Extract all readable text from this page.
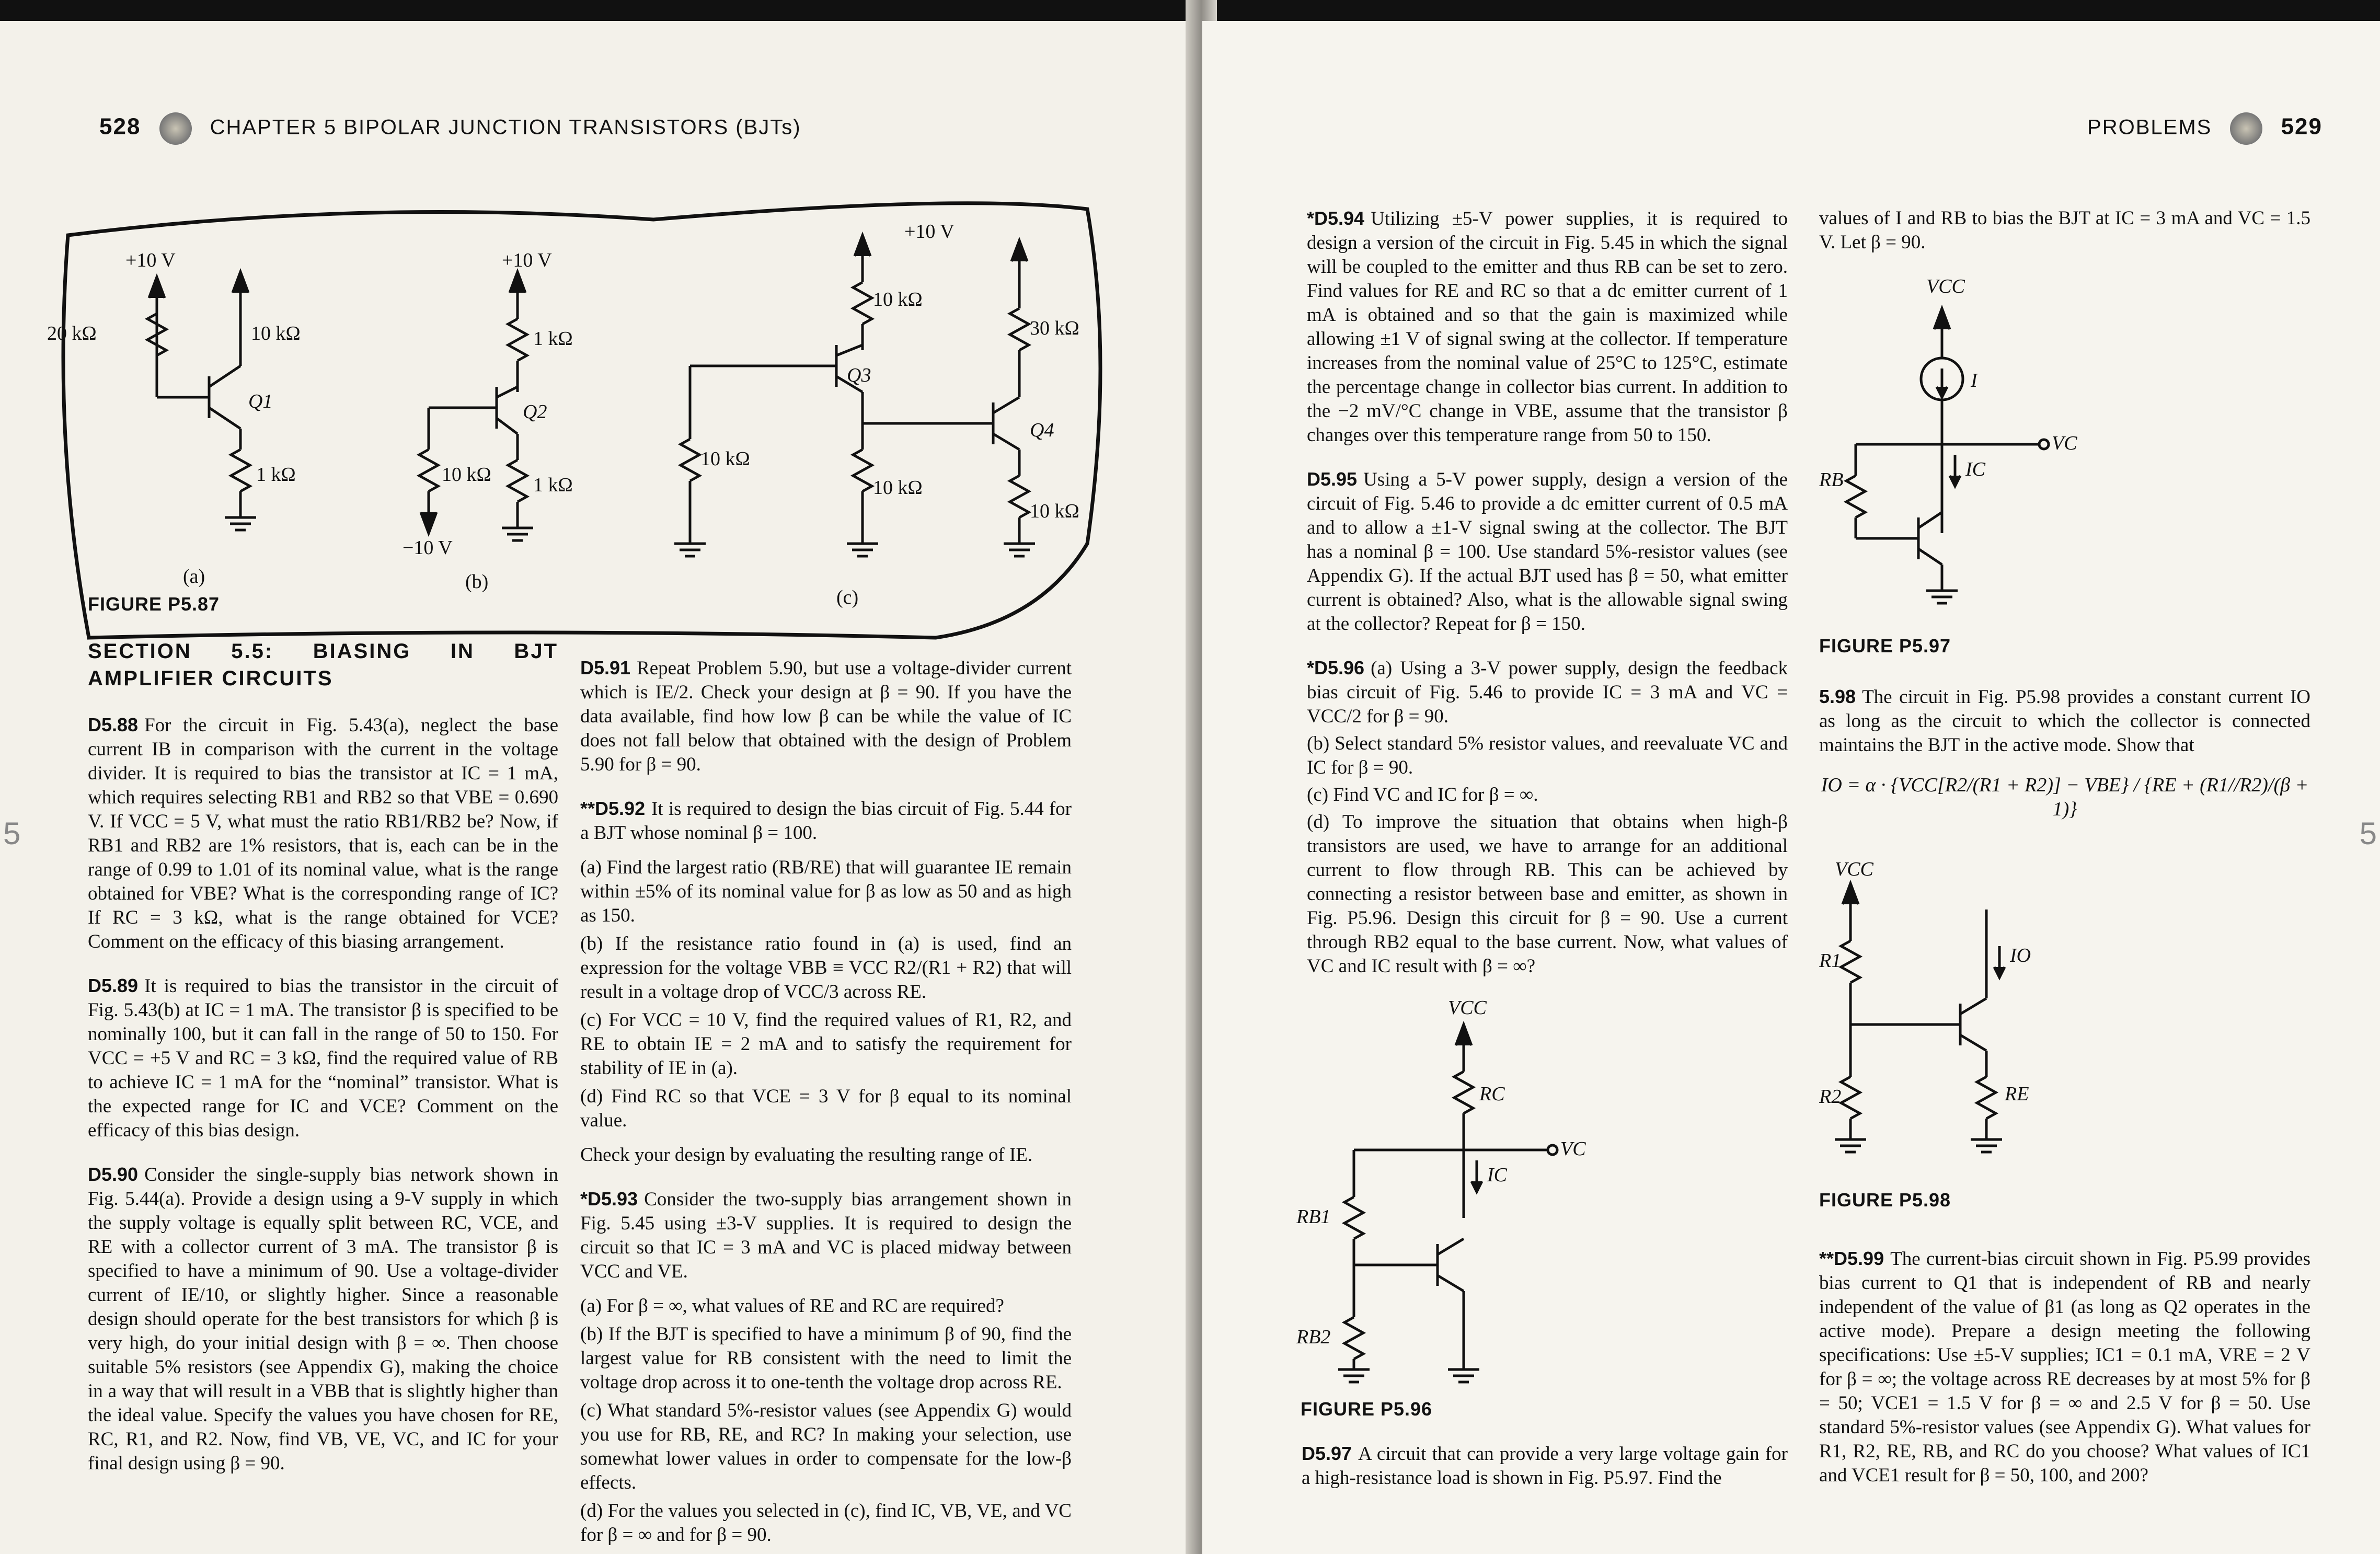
528	CHAPTER 5 BIPOLAR JUNCTION TRANSISTORS (BJTs)
+10 V
20 kΩ	10 kΩ
Q1
1 kΩ
(a)
+10 V
1 kΩ
Q2
10 kΩ 1 kΩ
−10 V
(b)
+10 V
10 kΩ
30 kΩ
Q3
Q4
10 kΩ
10 kΩ
10 kΩ
(c)
FIGURE P5.87
SECTION 5.5: BIASING IN BJT AMPLIFIER CIRCUITS

D5.88 For the circuit in Fig. 5.43(a), neglect the base current IB in comparison with the current in the voltage divider. It is required to bias the transistor at IC = 1 mA, which requires selecting RB1 and RB2 so that VBE = 0.690 V. If VCC = 5 V, what must the ratio RB1/RB2 be? Now, if RB1 and RB2 are 1% resistors, that is, each can be in the range of 0.99 to 1.01 of its nominal value, what is the range obtained for VBE? What is the corresponding range of IC? If RC = 3 kΩ, what is the range obtained for VCE? Comment on the efficacy of this biasing arrangement.

D5.89 It is required to bias the transistor in the circuit of Fig. 5.43(b) at IC = 1 mA. The transistor β is specified to be nominally 100, but it can fall in the range of 50 to 150. For VCC = +5 V and RC = 3 kΩ, find the required value of RB to achieve IC = 1 mA for the “nominal” transistor. What is the expected range for IC and VCE? Comment on the efficacy of this bias design.

D5.90 Consider the single-supply bias network shown in Fig. 5.44(a). Provide a design using a 9-V supply in which the supply voltage is equally split between RC, VCE, and RE with a collector current of 3 mA. The transistor β is specified to have a minimum of 90. Use a voltage-divider current of IE/10, or slightly higher. Since a reasonable design should operate for the best transistors for which β is very high, do your initial design with β = ∞. Then choose suitable 5% resistors (see Appendix G), making the choice in a way that will result in a VBB that is slightly higher than the ideal value. Specify the values you have chosen for RE, RC, R1, and R2. Now, find VB, VE, VC, and IC for your final design using β = 90.

D5.91 Repeat Problem 5.90, but use a voltage-divider current which is IE/2. Check your design at β = 90. If you have the data available, find how low β can be while the value of IC does not fall below that obtained with the design of Problem 5.90 for β = 90.

**D5.92 It is required to design the bias circuit of Fig. 5.44 for a BJT whose nominal β = 100.

(a) Find the largest ratio (RB/RE) that will guarantee IE remain within ±5% of its nominal value for β as low as 50 and as high as 150.

(b) If the resistance ratio found in (a) is used, find an expression for the voltage VBB ≡ VCC R2/(R1 + R2) that will result in a voltage drop of VCC/3 across RE.

(c) For VCC = 10 V, find the required values of R1, R2, and RE to obtain IE = 2 mA and to satisfy the requirement for stability of IE in (a).

(d) Find RC so that VCE = 3 V for β equal to its nominal value.

Check your design by evaluating the resulting range of IE.

*D5.93 Consider the two-supply bias arrangement shown in Fig. 5.45 using ±3-V supplies. It is required to design the circuit so that IC = 3 mA and VC is placed midway between VCC and VE.

(a) For β = ∞, what values of RE and RC are required?

(b) If the BJT is specified to have a minimum β of 90, find the largest value for RB consistent with the need to limit the voltage drop across it to one-tenth the voltage drop across RE.

(c) What standard 5%-resistor values (see Appendix G) would you use for RB, RE, and RC? In making your selection, use somewhat lower values in order to compensate for the low-β effects.

(d) For the values you selected in (c), find IC, VB, VE, and VC for β = ∞ and for β = 90.

5
PROBLEMS	529

*D5.94 Utilizing ±5-V power supplies, it is required to design a version of the circuit in Fig. 5.45 in which the signal will be coupled to the emitter and thus RB can be set to zero. Find values for RE and RC so that a dc emitter current of 1 mA is obtained and so that the gain is maximized while allowing ±1 V of signal swing at the collector. If temperature increases from the nominal value of 25°C to 125°C, estimate the percentage change in collector bias current. In addition to the −2 mV/°C change in VBE, assume that the transistor β changes over this temperature range from 50 to 150.

D5.95 Using a 5-V power supply, design a version of the circuit of Fig. 5.46 to provide a dc emitter current of 0.5 mA and to allow a ±1-V signal swing at the collector. The BJT has a nominal β = 100. Use standard 5%-resistor values (see Appendix G). If the actual BJT used has β = 50, what emitter current is obtained? Also, what is the allowable signal swing at the collector? Repeat for β = 150.

*D5.96 (a) Using a 3-V power supply, design the feedback bias circuit of Fig. 5.46 to provide IC = 3 mA and VC = VCC/2 for β = 90.

(b) Select standard 5% resistor values, and reevaluate VC and IC for β = 90.

(c) Find VC and IC for β = ∞.

(d) To improve the situation that obtains when high-β transistors are used, we have to arrange for an additional current to flow through RB. This can be achieved by connecting a resistor between base and emitter, as shown in Fig. P5.96. Design this circuit for β = 90. Use a current through RB2 equal to the base current. Now, what values of VC and IC result with β = ∞?

VCC
RC
VC
IC
RB1
RB2
FIGURE P5.96

D5.97 A circuit that can provide a very large voltage gain for a high-resistance load is shown in Fig. P5.97. Find the

values of I and RB to bias the BJT at IC = 3 mA and VC = 1.5 V. Let β = 90.

VCC
I
VC
IC
RB
FIGURE P5.97

5.98 The circuit in Fig. P5.98 provides a constant current IO as long as the circuit to which the collector is connected maintains the BJT in the active mode. Show that

IO = α · {VCC[R2/(R1 + R2)] − VBE} / {RE + (R1//R2)/(β + 1)}
VCC
R1	IO
R2	RE
FIGURE P5.98

**D5.99 The current-bias circuit shown in Fig. P5.99 provides bias current to Q1 that is independent of RB and nearly independent of the value of β1 (as long as Q2 operates in the active mode). Prepare a design meeting the following specifications: Use ±5-V supplies; IC1 = 0.1 mA, VRE = 2 V for β = ∞; the voltage across RE decreases by at most 5% for β = 50; VCE1 = 1.5 V for β = ∞ and 2.5 V for β = 50. Use standard 5%-resistor values (see Appendix G). What values for R1, R2, RE, RB, and RC do you choose? What values of IC1 and VCE1 result for β = 50, 100, and 200?

5
